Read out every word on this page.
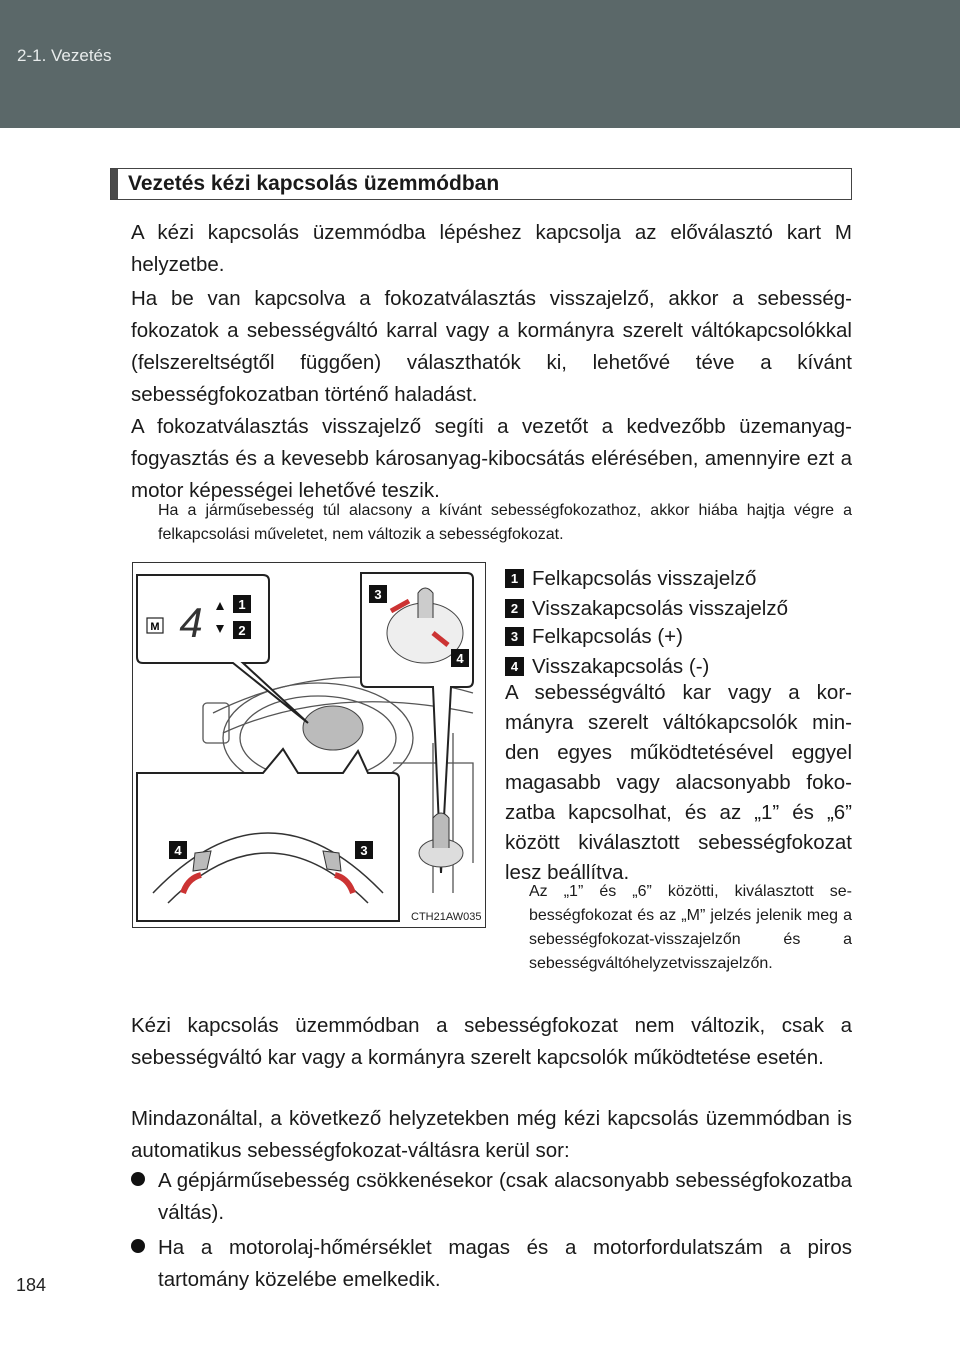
2-1. Vezetés
Vezetés kézi kapcsolás üzemmódban

A kézi kapcsolás üzemmódba lépéshez kapcsolja az előválasztó kart M helyzetbe.

Ha be van kapcsolva a fokozatválasztás visszajelző, akkor a sebességfokozatok a sebességváltó karral vagy a kormányra szerelt váltókapcsolókkal (felszereltségtől függően) választhatók ki, lehetővé téve a kívánt sebességfokozatban történő haladást.

A fokozatválasztás visszajelző segíti a vezetőt a kedvezőbb üzemanyagfogyasztás és a kevesebb károsanyag-kibocsátás elérésében, amennyire ezt a motor képességei lehetővé teszik.

Ha a járműsebesség túl alacsony a kívánt sebességfokozathoz, akkor hiába hajtja végre a felkapcsolási műveletet, nem változik a sebességfokozat.

M 4	1
2
3
4
4	3
CTH21AW035
1 Felkapcsolás visszajelző
2 Visszakapcsolás visszajelző
3 Felkapcsolás (+)
4 Visszakapcsolás (-)

A sebességváltó kar vagy a kormányra szerelt váltókapcsolók minden egyes működtetésével eggyel magasabb vagy alacsonyabb fokozatba kapcsolhat, és az „1” és „6” között kiválasztott sebességfokozat lesz beállítva.

Az „1” és „6” közötti, kiválasztott sebességfokozat és az „M” jelzés jelenik meg a sebességfokozat-visszajelzőn és a sebességváltóhelyzetvisszajelzőn.

Kézi kapcsolás üzemmódban a sebességfokozat nem változik, csak a sebességváltó kar vagy a kormányra szerelt kapcsolók működtetése esetén.

Mindazonáltal, a következő helyzetekben még kézi kapcsolás üzemmódban is automatikus sebességfokozat-váltásra kerül sor:

A gépjárműsebesség csökkenésekor (csak alacsonyabb sebességfokozatba váltás).

Ha a motorolaj-hőmérséklet magas és a motorfordulatszám a piros tartomány közelébe emelkedik.

184
